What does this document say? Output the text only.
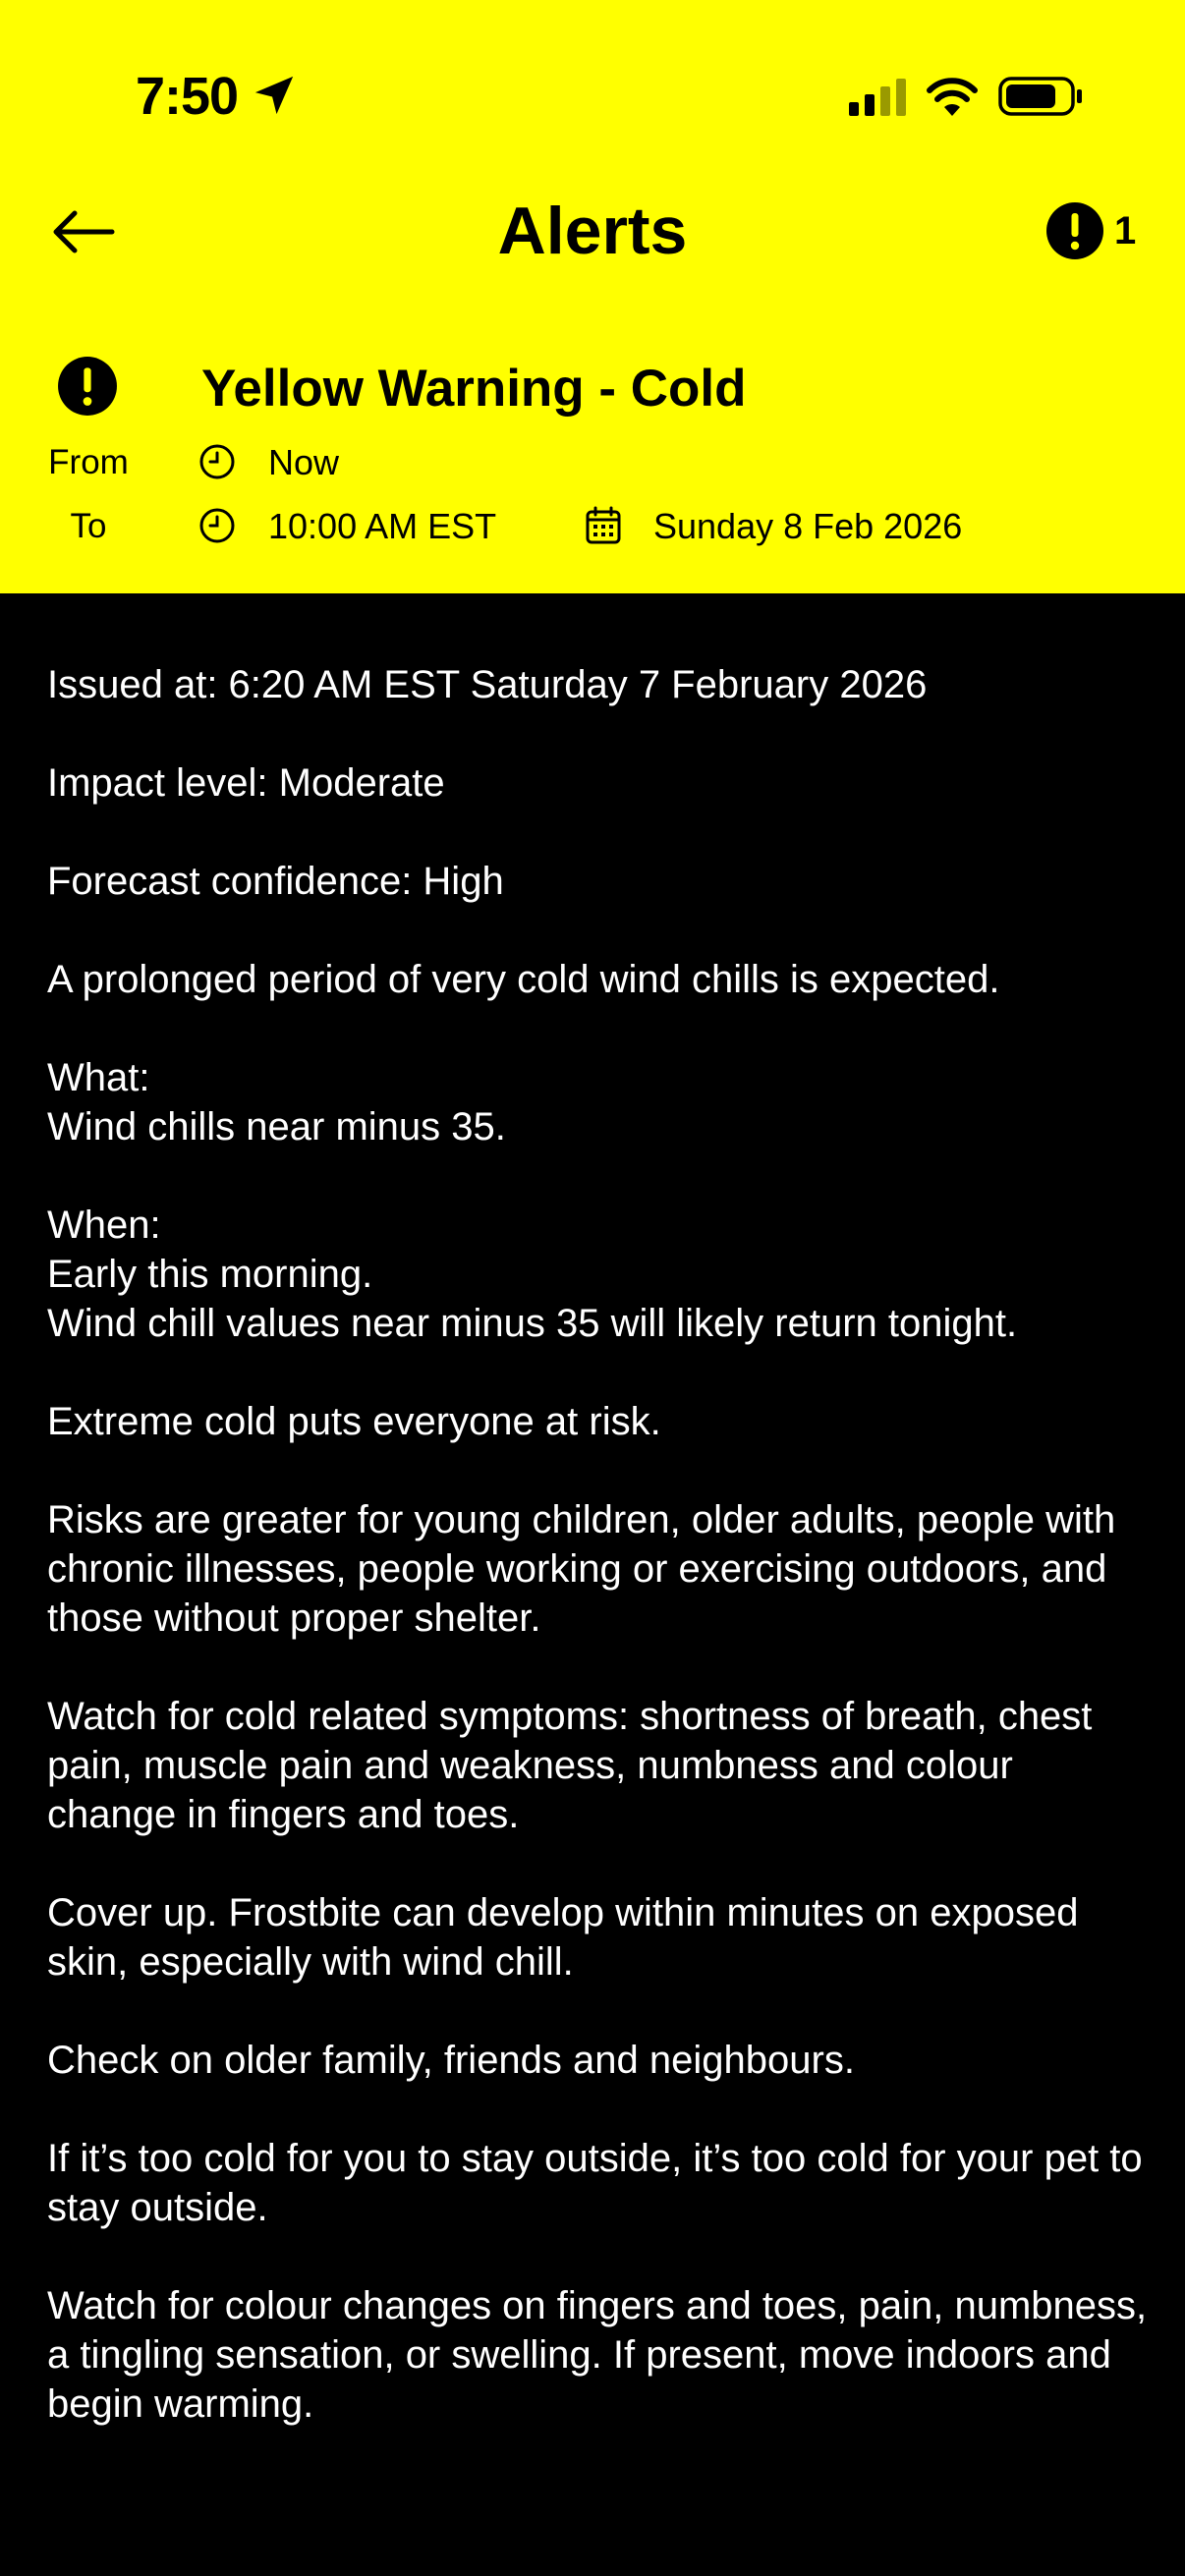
7:50
Alerts	1
Yellow Warning - Cold
From	Now
To	10:00 AM EST	Sunday 8 Feb 2026

Issued at: 6:20 AM EST Saturday 7 February 2026

Impact level: Moderate

Forecast confidence: High

A prolonged period of very cold wind chills is expected.

What:
Wind chills near minus 35.

When:
Early this morning.
Wind chill values near minus 35 will likely return tonight.

Extreme cold puts everyone at risk.

Risks are greater for young children, older adults, people with chronic illnesses, people working or exercising outdoors, and those without proper shelter.

Watch for cold related symptoms: shortness of breath, chest pain, muscle pain and weakness, numbness and colour change in fingers and toes.

Cover up. Frostbite can develop within minutes on exposed skin, especially with wind chill.

Check on older family, friends and neighbours.

If it’s too cold for you to stay outside, it’s too cold for your pet to stay outside.

Watch for colour changes on fingers and toes, pain, numbness, a tingling sensation, or swelling. If present, move indoors and begin warming.
